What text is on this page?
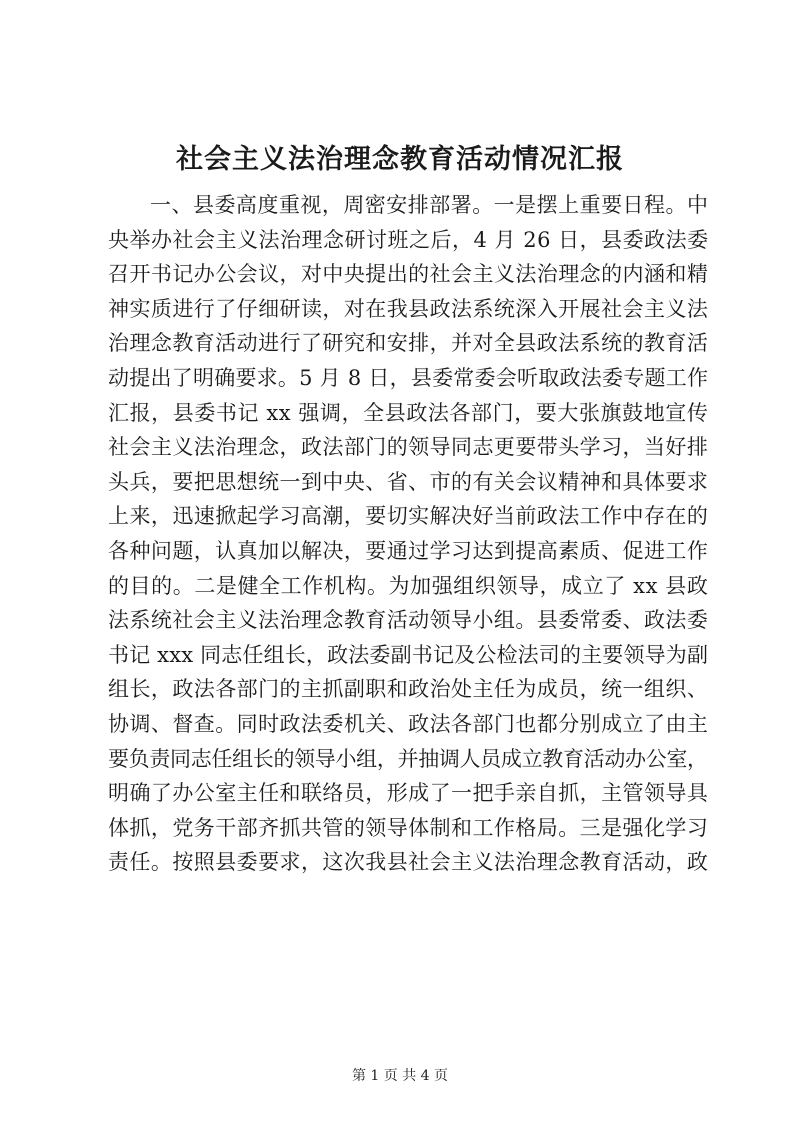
社会主义法治理念教育活动情况汇报
一、县委高度重视，周密安排部署。一是摆上重要日程。中
央举办社会主义法治理念研讨班之后，4 月 26 日，县委政法委
召开书记办公会议，对中央提出的社会主义法治理念的内涵和精
神实质进行了仔细研读，对在我县政法系统深入开展社会主义法
治理念教育活动进行了研究和安排，并对全县政法系统的教育活
动提出了明确要求。5 月 8 日，县委常委会听取政法委专题工作
汇报，县委书记 xx 强调，全县政法各部门，要大张旗鼓地宣传
社会主义法治理念，政法部门的领导同志更要带头学习，当好排
头兵，要把思想统一到中央、省、市的有关会议精神和具体要求
上来，迅速掀起学习高潮，要切实解决好当前政法工作中存在的
各种问题，认真加以解决，要通过学习达到提高素质、促进工作
的目的。二是健全工作机构。为加强组织领导，成立了 xx 县政
法系统社会主义法治理念教育活动领导小组。县委常委、政法委
书记 xxx 同志任组长，政法委副书记及公检法司的主要领导为副
组长，政法各部门的主抓副职和政治处主任为成员，统一组织、
协调、督查。同时政法委机关、政法各部门也都分别成立了由主
要负责同志任组长的领导小组，并抽调人员成立教育活动办公室，
明确了办公室主任和联络员，形成了一把手亲自抓，主管领导具
体抓，党务干部齐抓共管的领导体制和工作格局。三是强化学习
责任。按照县委要求，这次我县社会主义法治理念教育活动，政
第 1 页 共 4 页
